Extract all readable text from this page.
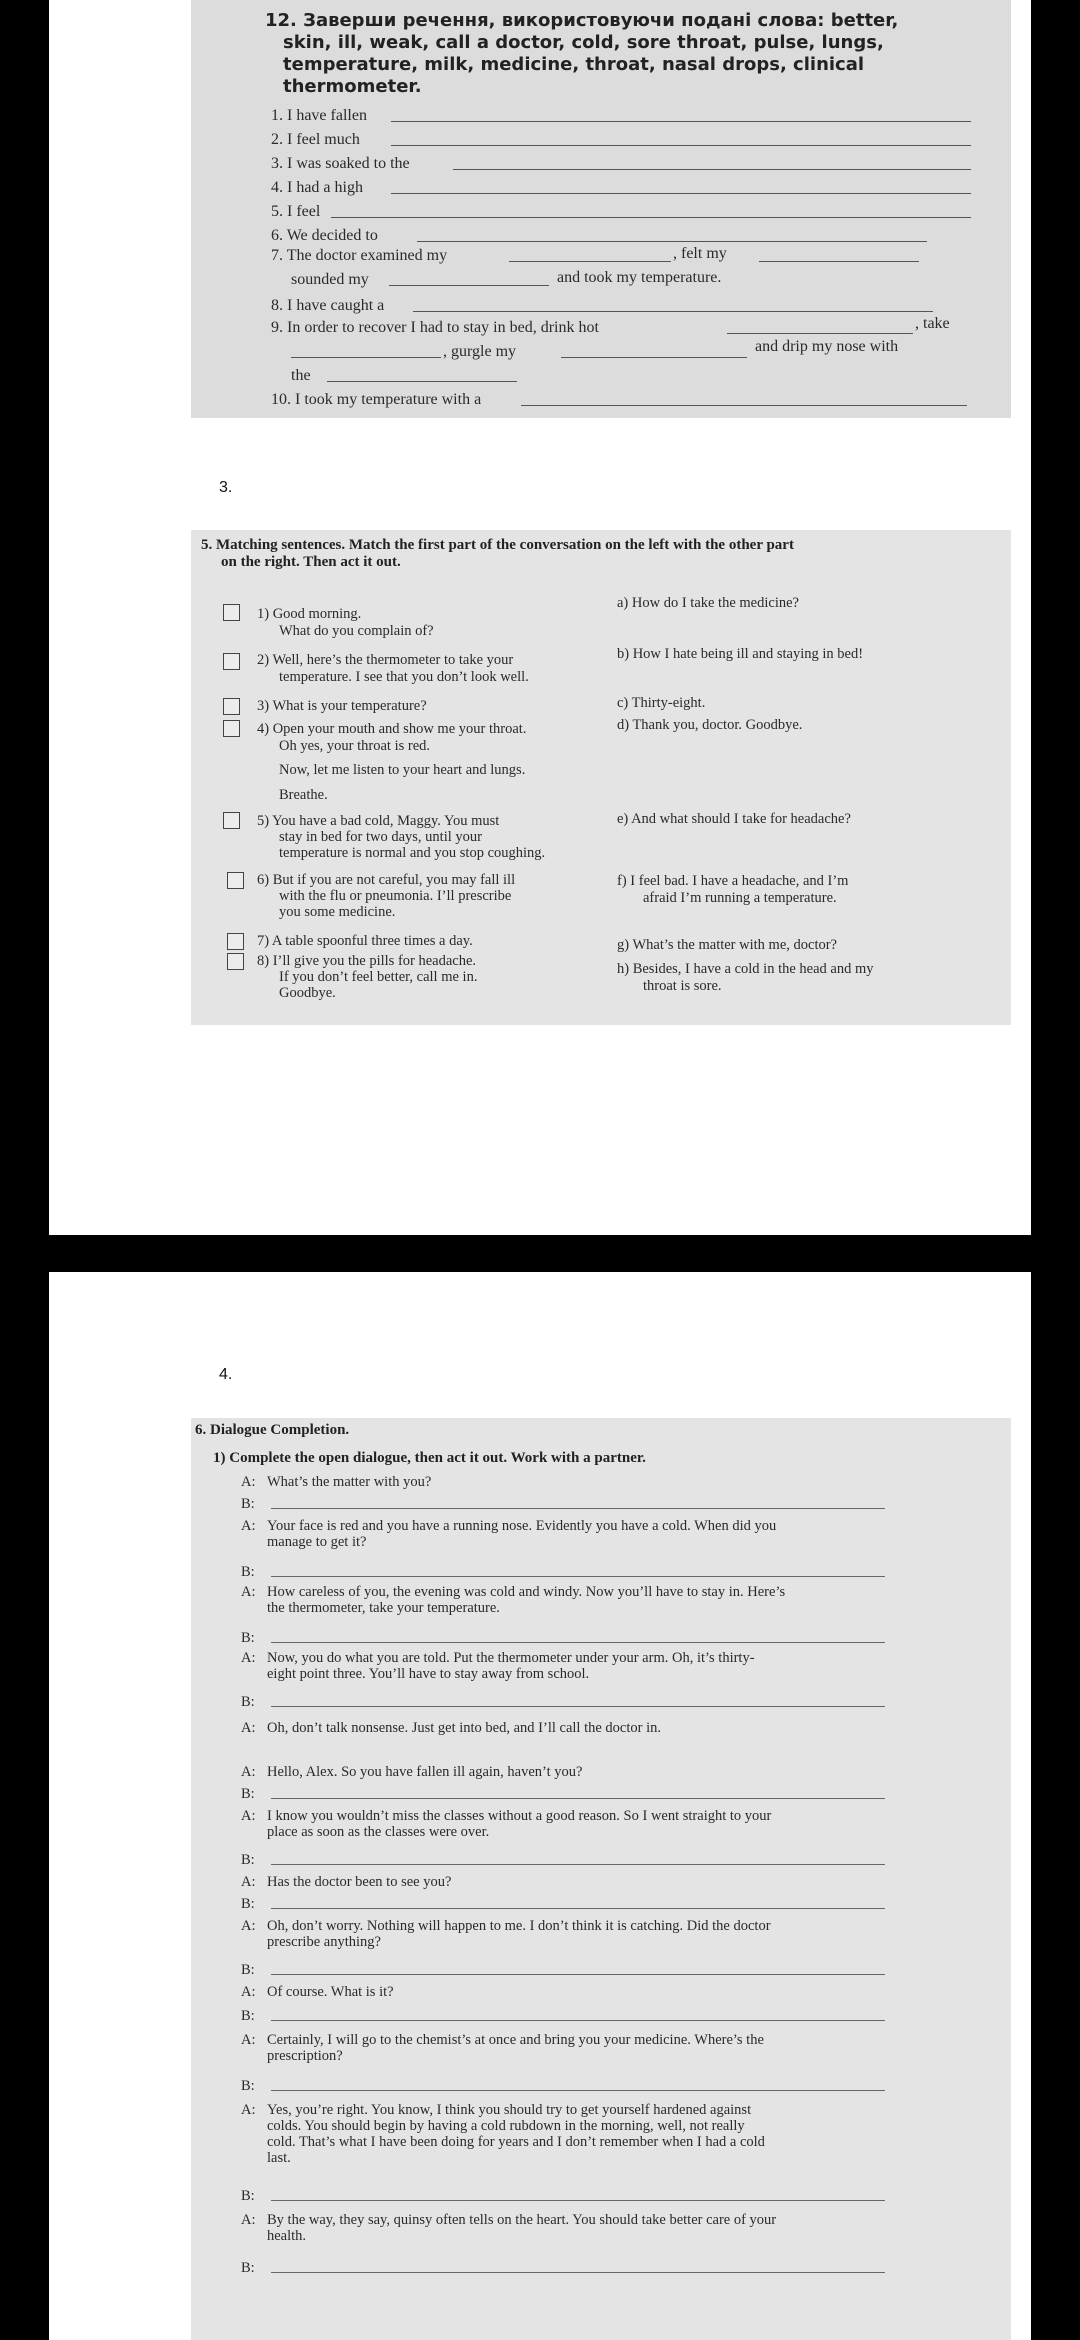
12. Заверши речення, використовуючи подані слова: better,
skin, ill, weak, call a doctor, cold, sore throat, pulse, lungs,
temperature, milk, medicine, throat, nasal drops, clinical
thermometer.
1. I have fallen
2. I feel much
3. I was soaked to the
4. I had a high
5. I feel
6. We decided to
7. The doctor examined my	, felt my
sounded my	and took my temperature.
8. I have caught a
9. In order to recover I had to stay in bed, drink hot	, take
, gurgle my	and drip my nose with
the
10. I took my temperature with a
3.
5. Matching sentences. Match the first part of the conversation on the left with the other part
on the right. Then act it out.
1) Good morning.
What do you complain of?
2) Well, here’s the thermometer to take your
temperature. I see that you don’t look well.
3) What is your temperature?
4) Open your mouth and show me your throat.
Oh yes, your throat is red.
Now, let me listen to your heart and lungs.
Breathe.
5) You have a bad cold, Maggy. You must
stay in bed for two days, until your
temperature is normal and you stop coughing.
6) But if you are not careful, you may fall ill
with the flu or pneumonia. I’ll prescribe
you some medicine.
7) A table spoonful three times a day.
8) I’ll give you the pills for headache.
If you don’t feel better, call me in.
Goodbye.
a) How do I take the medicine?
b) How I hate being ill and staying in bed!
c) Thirty-eight.
d) Thank you, doctor. Goodbye.
e) And what should I take for headache?
f) I feel bad. I have a headache, and I’m
afraid I’m running a temperature.
g) What’s the matter with me, doctor?
h) Besides, I have a cold in the head and my
throat is sore.
4.
6. Dialogue Completion.
1) Complete the open dialogue, then act it out. Work with a partner.
A: What’s the matter with you?
B:
A: Your face is red and you have a running nose. Evidently you have a cold. When did you
manage to get it?
B:
A: How careless of you, the evening was cold and windy. Now you’ll have to stay in. Here’s
the thermometer, take your temperature.
B:
A: Now, you do what you are told. Put the thermometer under your arm. Oh, it’s thirty-
eight point three. You’ll have to stay away from school.
B:
A: Oh, don’t talk nonsense. Just get into bed, and I’ll call the doctor in.
A: Hello, Alex. So you have fallen ill again, haven’t you?
B:
A: I know you wouldn’t miss the classes without a good reason. So I went straight to your
place as soon as the classes were over.
B:
A: Has the doctor been to see you?
B:
A: Oh, don’t worry. Nothing will happen to me. I don’t think it is catching. Did the doctor
prescribe anything?
B:
A: Of course. What is it?
B:
A: Certainly, I will go to the chemist’s at once and bring you your medicine. Where’s the
prescription?
B:
A: Yes, you’re right. You know, I think you should try to get yourself hardened against
colds. You should begin by having a cold rubdown in the morning, well, not really
cold. That’s what I have been doing for years and I don’t remember when I had a cold
last.
B:
A: By the way, they say, quinsy often tells on the heart. You should take better care of your
health.
B:
